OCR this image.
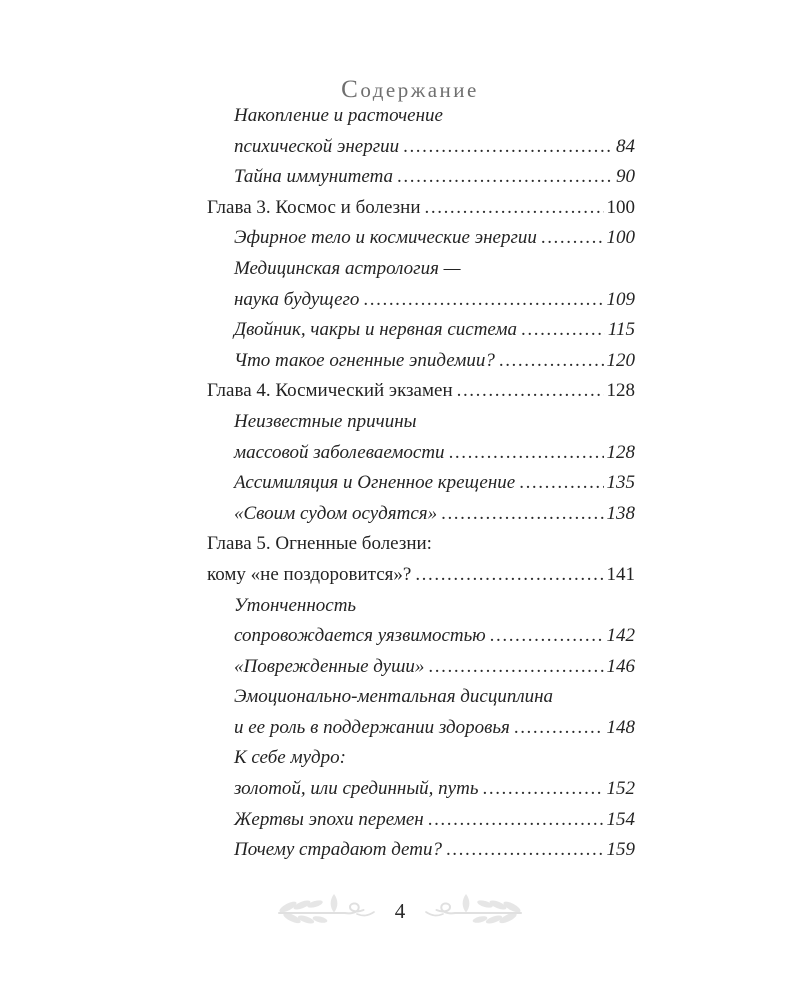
Содержание
Накопление и расточение
психической энергии .....	84
Тайна иммунитета .....	90
Глава 3. Космос и болезни .....	100
Эфирное тело и космические энергии .....	100
Медицинская астрология —
наука будущего .....	109
Двойник, чакры и нервная система .....	115
Что такое огненные эпидемии? .....	120
Глава 4. Космический экзамен .....	128
Неизвестные причины
массовой заболеваемости .....	128
Ассимиляция и Огненное крещение .....	135
«Своим судом осудятся» .....	138
Глава 5. Огненные болезни:
кому «не поздоровится»? .....	141
Утонченность
сопровождается уязвимостью .....	142
«Поврежденные души» .....	146
Эмоционально-ментальная дисциплина
и ее роль в поддержании здоровья .....	148
К себе мудро:
золотой, или срединный, путь .....	152
Жертвы эпохи перемен .....	154
Почему страдают дети? .....	159
4
